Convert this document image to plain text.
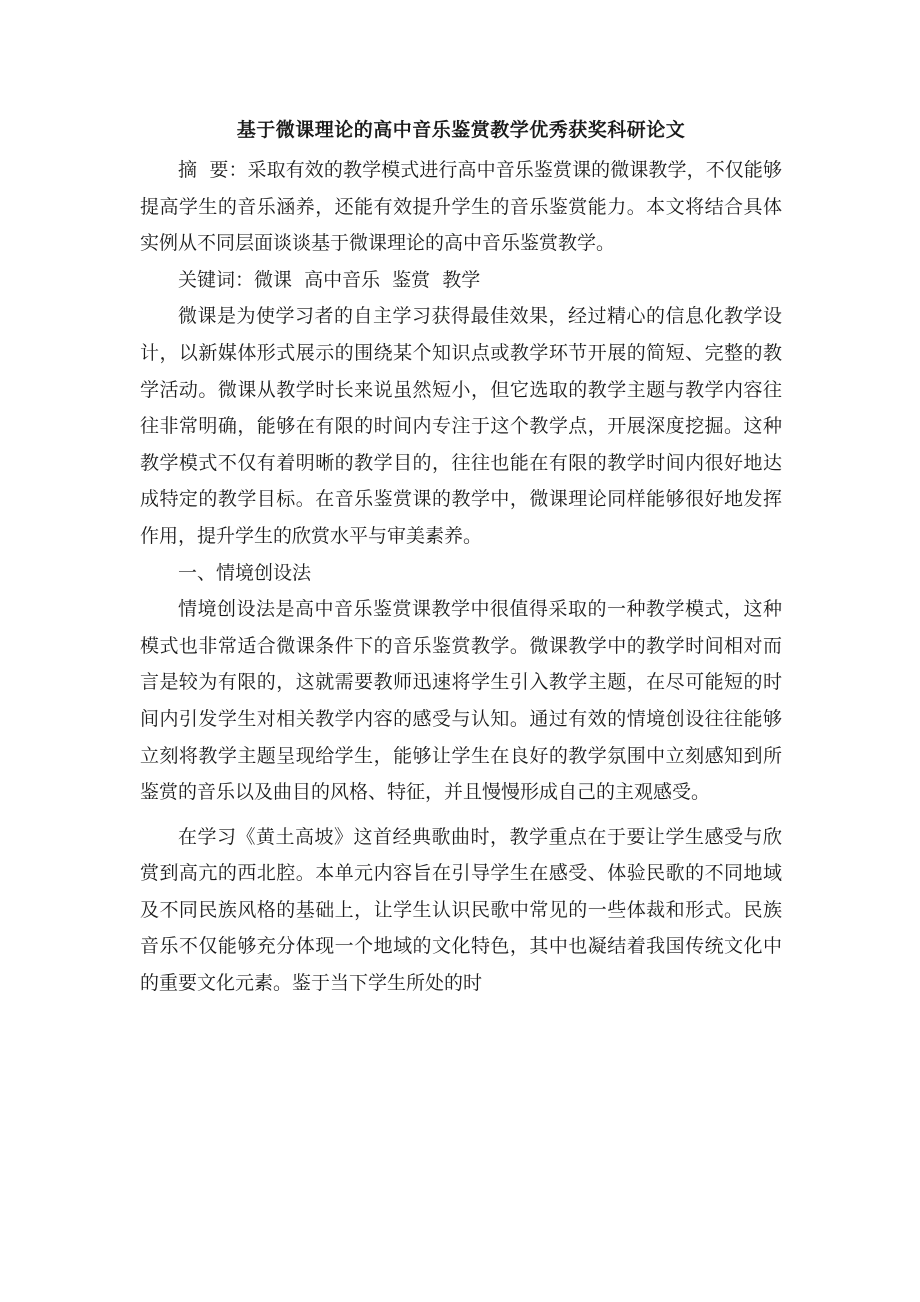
基于微课理论的高中音乐鉴赏教学优秀获奖科研论文

摘  要：采取有效的教学模式进行高中音乐鉴赏课的微课教学，不仅能够提高学生的音乐涵养，还能有效提升学生的音乐鉴赏能力。本文将结合具体实例从不同层面谈谈基于微课理论的高中音乐鉴赏教学。

关键词：微课  高中音乐  鉴赏  教学

微课是为使学习者的自主学习获得最佳效果，经过精心的信息化教学设计，以新媒体形式展示的围绕某个知识点或教学环节开展的简短、完整的教学活动。微课从教学时长来说虽然短小，但它选取的教学主题与教学内容往往非常明确，能够在有限的时间内专注于这个教学点，开展深度挖掘。这种教学模式不仅有着明晰的教学目的，往往也能在有限的教学时间内很好地达成特定的教学目标。在音乐鉴赏课的教学中，微课理论同样能够很好地发挥作用，提升学生的欣赏水平与审美素养。

一、情境创设法

情境创设法是高中音乐鉴赏课教学中很值得采取的一种教学模式，这种模式也非常适合微课条件下的音乐鉴赏教学。微课教学中的教学时间相对而言是较为有限的，这就需要教师迅速将学生引入教学主题，在尽可能短的时间内引发学生对相关教学内容的感受与认知。通过有效的情境创设往往能够立刻将教学主题呈现给学生，能够让学生在良好的教学氛围中立刻感知到所鉴赏的音乐以及曲目的风格、特征，并且慢慢形成自己的主观感受。

在学习《黄土高坡》这首经典歌曲时，教学重点在于要让学生感受与欣赏到高亢的西北腔。本单元内容旨在引导学生在感受、体验民歌的不同地域及不同民族风格的基础上，让学生认识民歌中常见的一些体裁和形式。民族音乐不仅能够充分体现一个地域的文化特色，其中也凝结着我国传统文化中的重要文化元素。鉴于当下学生所处的时
